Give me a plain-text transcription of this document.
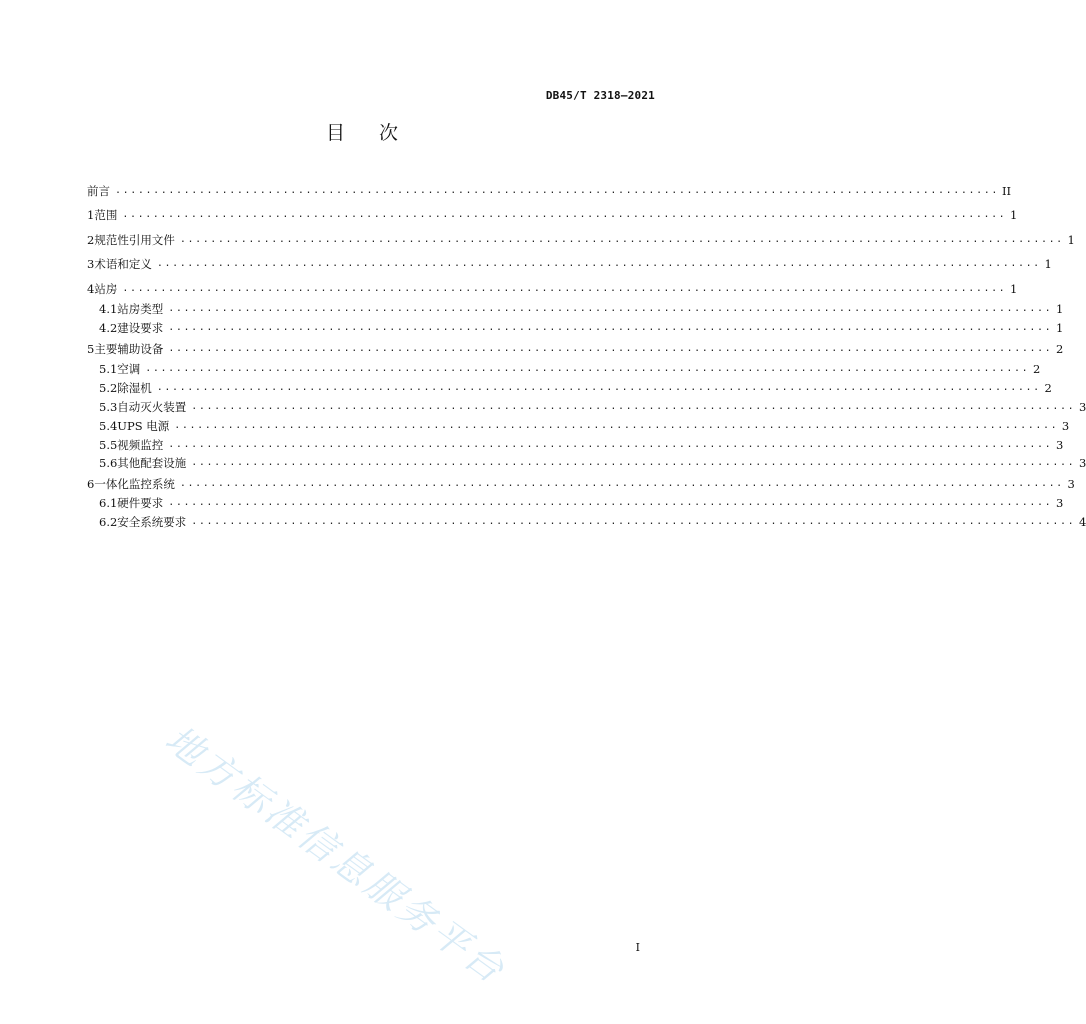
DB45/T 2318—2021
目次
前言 .................................................................................................................... II
1 范围 .................................................................................................................... 1
2 规范性引用文件 .................................................................................................................... 1
3 术语和定义 .................................................................................................................... 1
4 站房 .................................................................................................................... 1
4.1 站房类型 .................................................................................................................... 1
4.2 建设要求 .................................................................................................................... 1
5 主要辅助设备 .................................................................................................................... 2
5.1 空调 .................................................................................................................... 2
5.2 除湿机 .................................................................................................................... 2
5.3 自动灭火装置 .................................................................................................................... 3
5.4 UPS 电源 .................................................................................................................... 3
5.5 视频监控 .................................................................................................................... 3
5.6 其他配套设施 .................................................................................................................... 3
6 一体化监控系统 .................................................................................................................... 3
6.1 硬件要求 .................................................................................................................... 3
6.2 安全系统要求 .................................................................................................................... 4
地方标准信息服务平台	I
